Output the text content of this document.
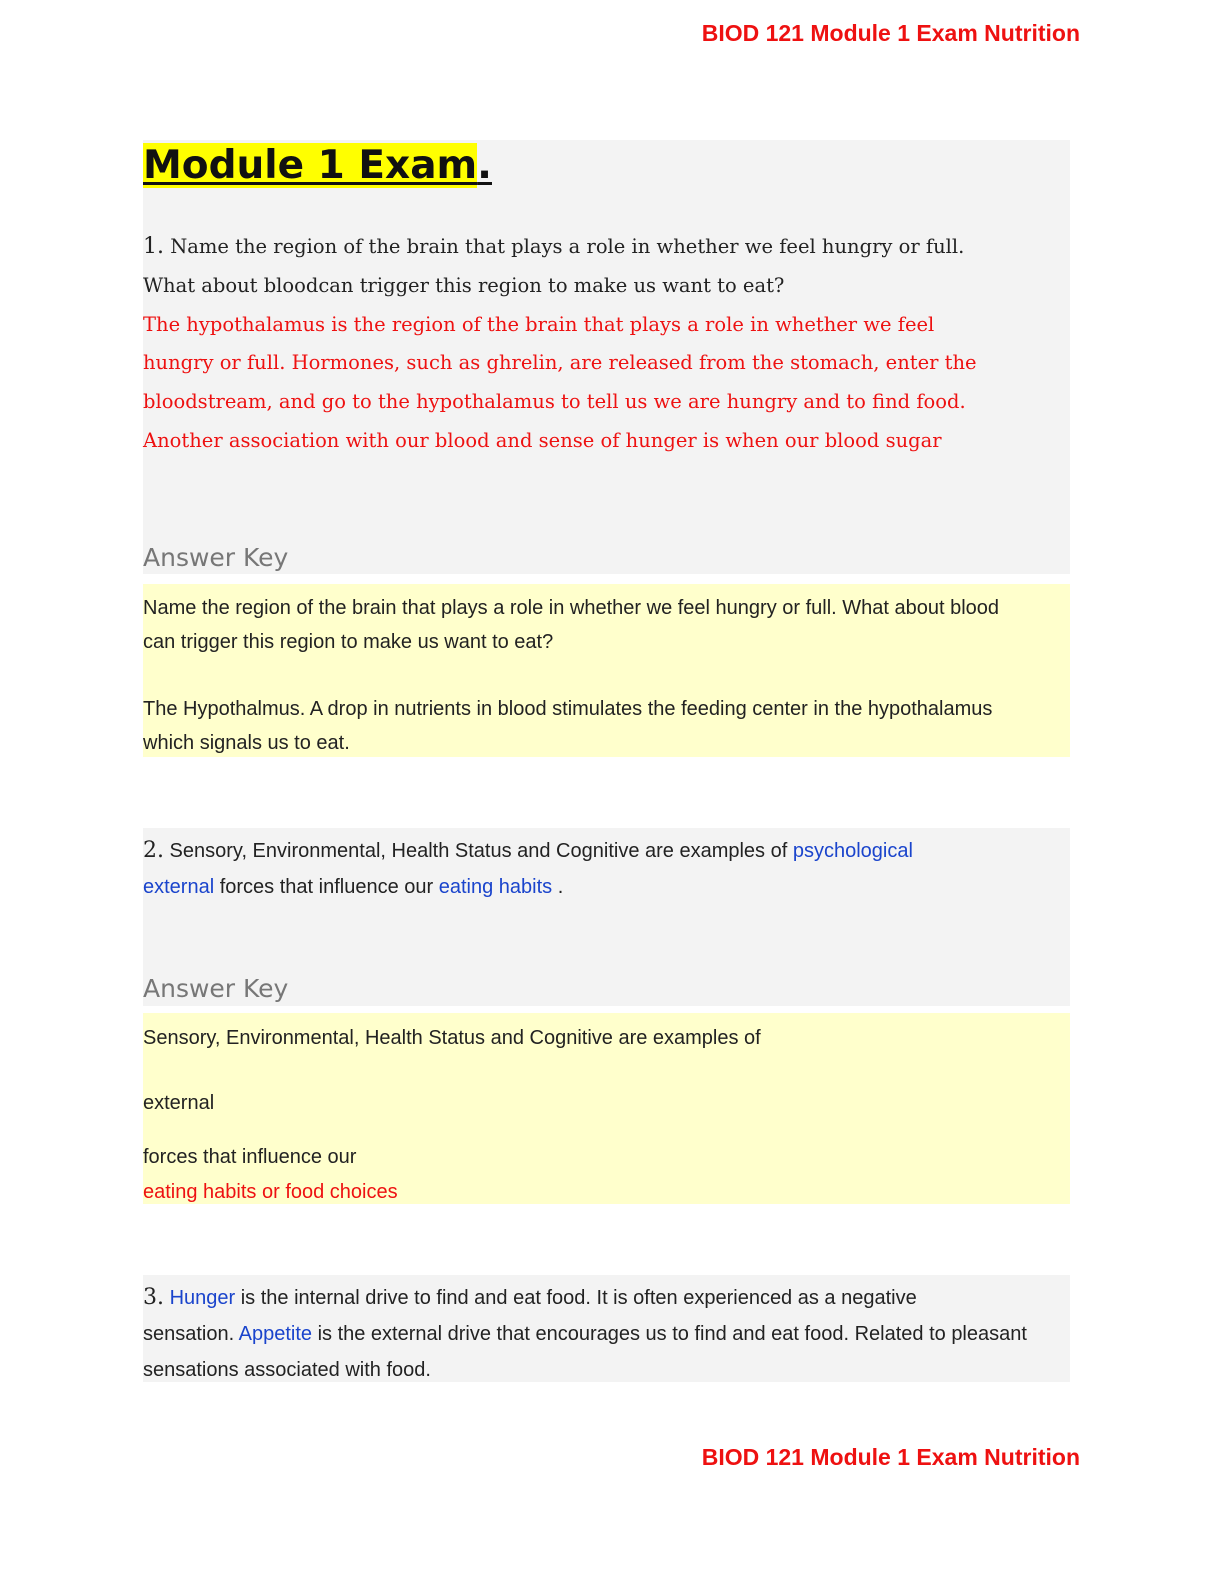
BIOD 121 Module 1 Exam Nutrition
Module 1 Exam.
1. Name the region of the brain that plays a role in whether we feel hungry or full.
What about bloodcan trigger this region to make us want to eat?
The hypothalamus is the region of the brain that plays a role in whether we feel
hungry or full. Hormones, such as ghrelin, are released from the stomach, enter the
bloodstream, and go to the hypothalamus to tell us we are hungry and to find food.
Another association with our blood and sense of hunger is when our blood sugar
Answer Key
Name the region of the brain that plays a role in whether we feel hungry or full. What about blood
can trigger this region to make us want to eat?
The Hypothalmus. A drop in nutrients in blood stimulates the feeding center in the hypothalamus
which signals us to eat.
2. Sensory, Environmental, Health Status and Cognitive are examples of psychological
external forces that influence our eating habits .
Answer Key
Sensory, Environmental, Health Status and Cognitive are examples of
external
forces that influence our
eating habits or food choices
3. Hunger is the internal drive to find and eat food. It is often experienced as a negative
sensation. Appetite is the external drive that encourages us to find and eat food. Related to pleasant
sensations associated with food.
BIOD 121 Module 1 Exam Nutrition
